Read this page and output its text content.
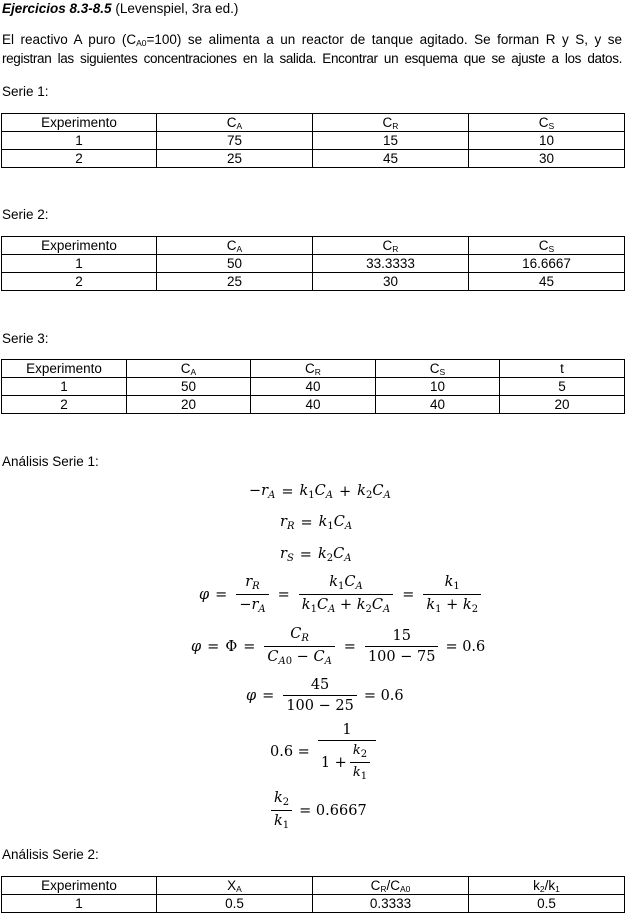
Ejercicios 8.3-8.5 (Levenspiel, 3ra ed.)
El reactivo A puro $(C_{A0}=100)$ se alimenta a un reactor de tanque agitado. Se forman R y S, y se
registran las siguientes concentraciones en la salida. Encontrar un esquema que se ajuste a los datos.
Serie 1:
Experimento	$C_A$	$C_R$	$C_S$
1	75	15	10
2	25	45	30
Serie 2:
Experimento	$C_A$	$C_R$	$C_S$
1	50	33.3333	16.6667
2	25	30	45
Serie 3:
Experimento	$C_A$	$C_R$	$C_S$	t
1	50	40	10	5
2	20	40	40	20
Análisis Serie 1:
$-r_A = k_1C_A + k_2C_A$
$r_R = k_1C_A$
$r_S = k_2C_A$
$\varphi = \frac{r_R}{-r_A} = \frac{k_1C_A}{k_1C_A + k_2C_A} = \frac{k_1}{k_1 + k_2}$
$\varphi = \Phi = \frac{C_R}{C_{A0} - C_A} = \frac{15}{100 - 75} = 0.6$
$\varphi = \frac{45}{100 - 25} = 0.6$
$0.6 = \frac{1}{1 + \frac{k_2}{k_1}}$
$\frac{k_2}{k_1} = 0.6667$
Análisis Serie 2:
Experimento	$X_A$	$C_R/C_{A0}$	$k_2/k_1$
1	0.5	0.3333	0.5
